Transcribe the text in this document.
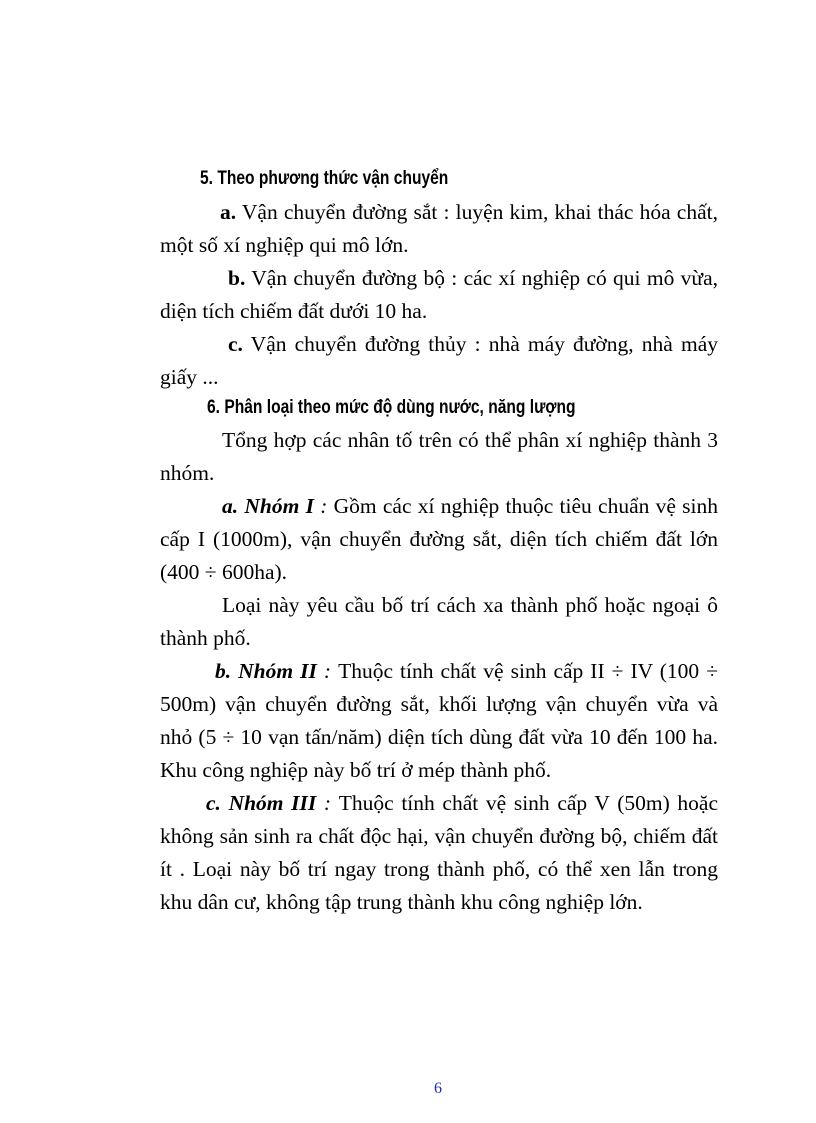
5. Theo phương thức vận chuyển
a. Vận chuyển đường sắt : luyện kim, khai thác hóa chất, một số xí nghiệp qui mô lớn.
b. Vận chuyển đường bộ : các xí nghiệp có qui mô vừa, diện tích chiếm đất dưới 10 ha.
c. Vận chuyển đường thủy : nhà máy đường, nhà máy giấy ...
6. Phân loại theo mức độ dùng nước, năng lượng
Tổng hợp các nhân tố trên có thể phân xí nghiệp thành 3 nhóm.
a. Nhóm I : Gồm các xí nghiệp thuộc tiêu chuẩn vệ sinh cấp I (1000m), vận chuyển đường sắt, diện tích chiếm đất lớn (400 ÷ 600ha).
Loại này yêu cầu bố trí cách xa thành phố hoặc ngoại ô thành phố.
b. Nhóm II : Thuộc tính chất vệ sinh cấp II ÷ IV (100 ÷ 500m) vận chuyển đường sắt, khối lượng vận chuyển vừa và nhỏ (5 ÷ 10 vạn tấn/năm) diện tích dùng đất vừa 10 đến 100 ha. Khu công nghiệp này bố trí ở mép thành phố.
c. Nhóm III : Thuộc tính chất vệ sinh cấp V (50m) hoặc không sản sinh ra chất độc hại, vận chuyển đường bộ, chiếm đất ít . Loại này bố trí ngay trong thành phố, có thể xen lẫn trong khu dân cư, không tập trung thành khu công nghiệp lớn.
6
